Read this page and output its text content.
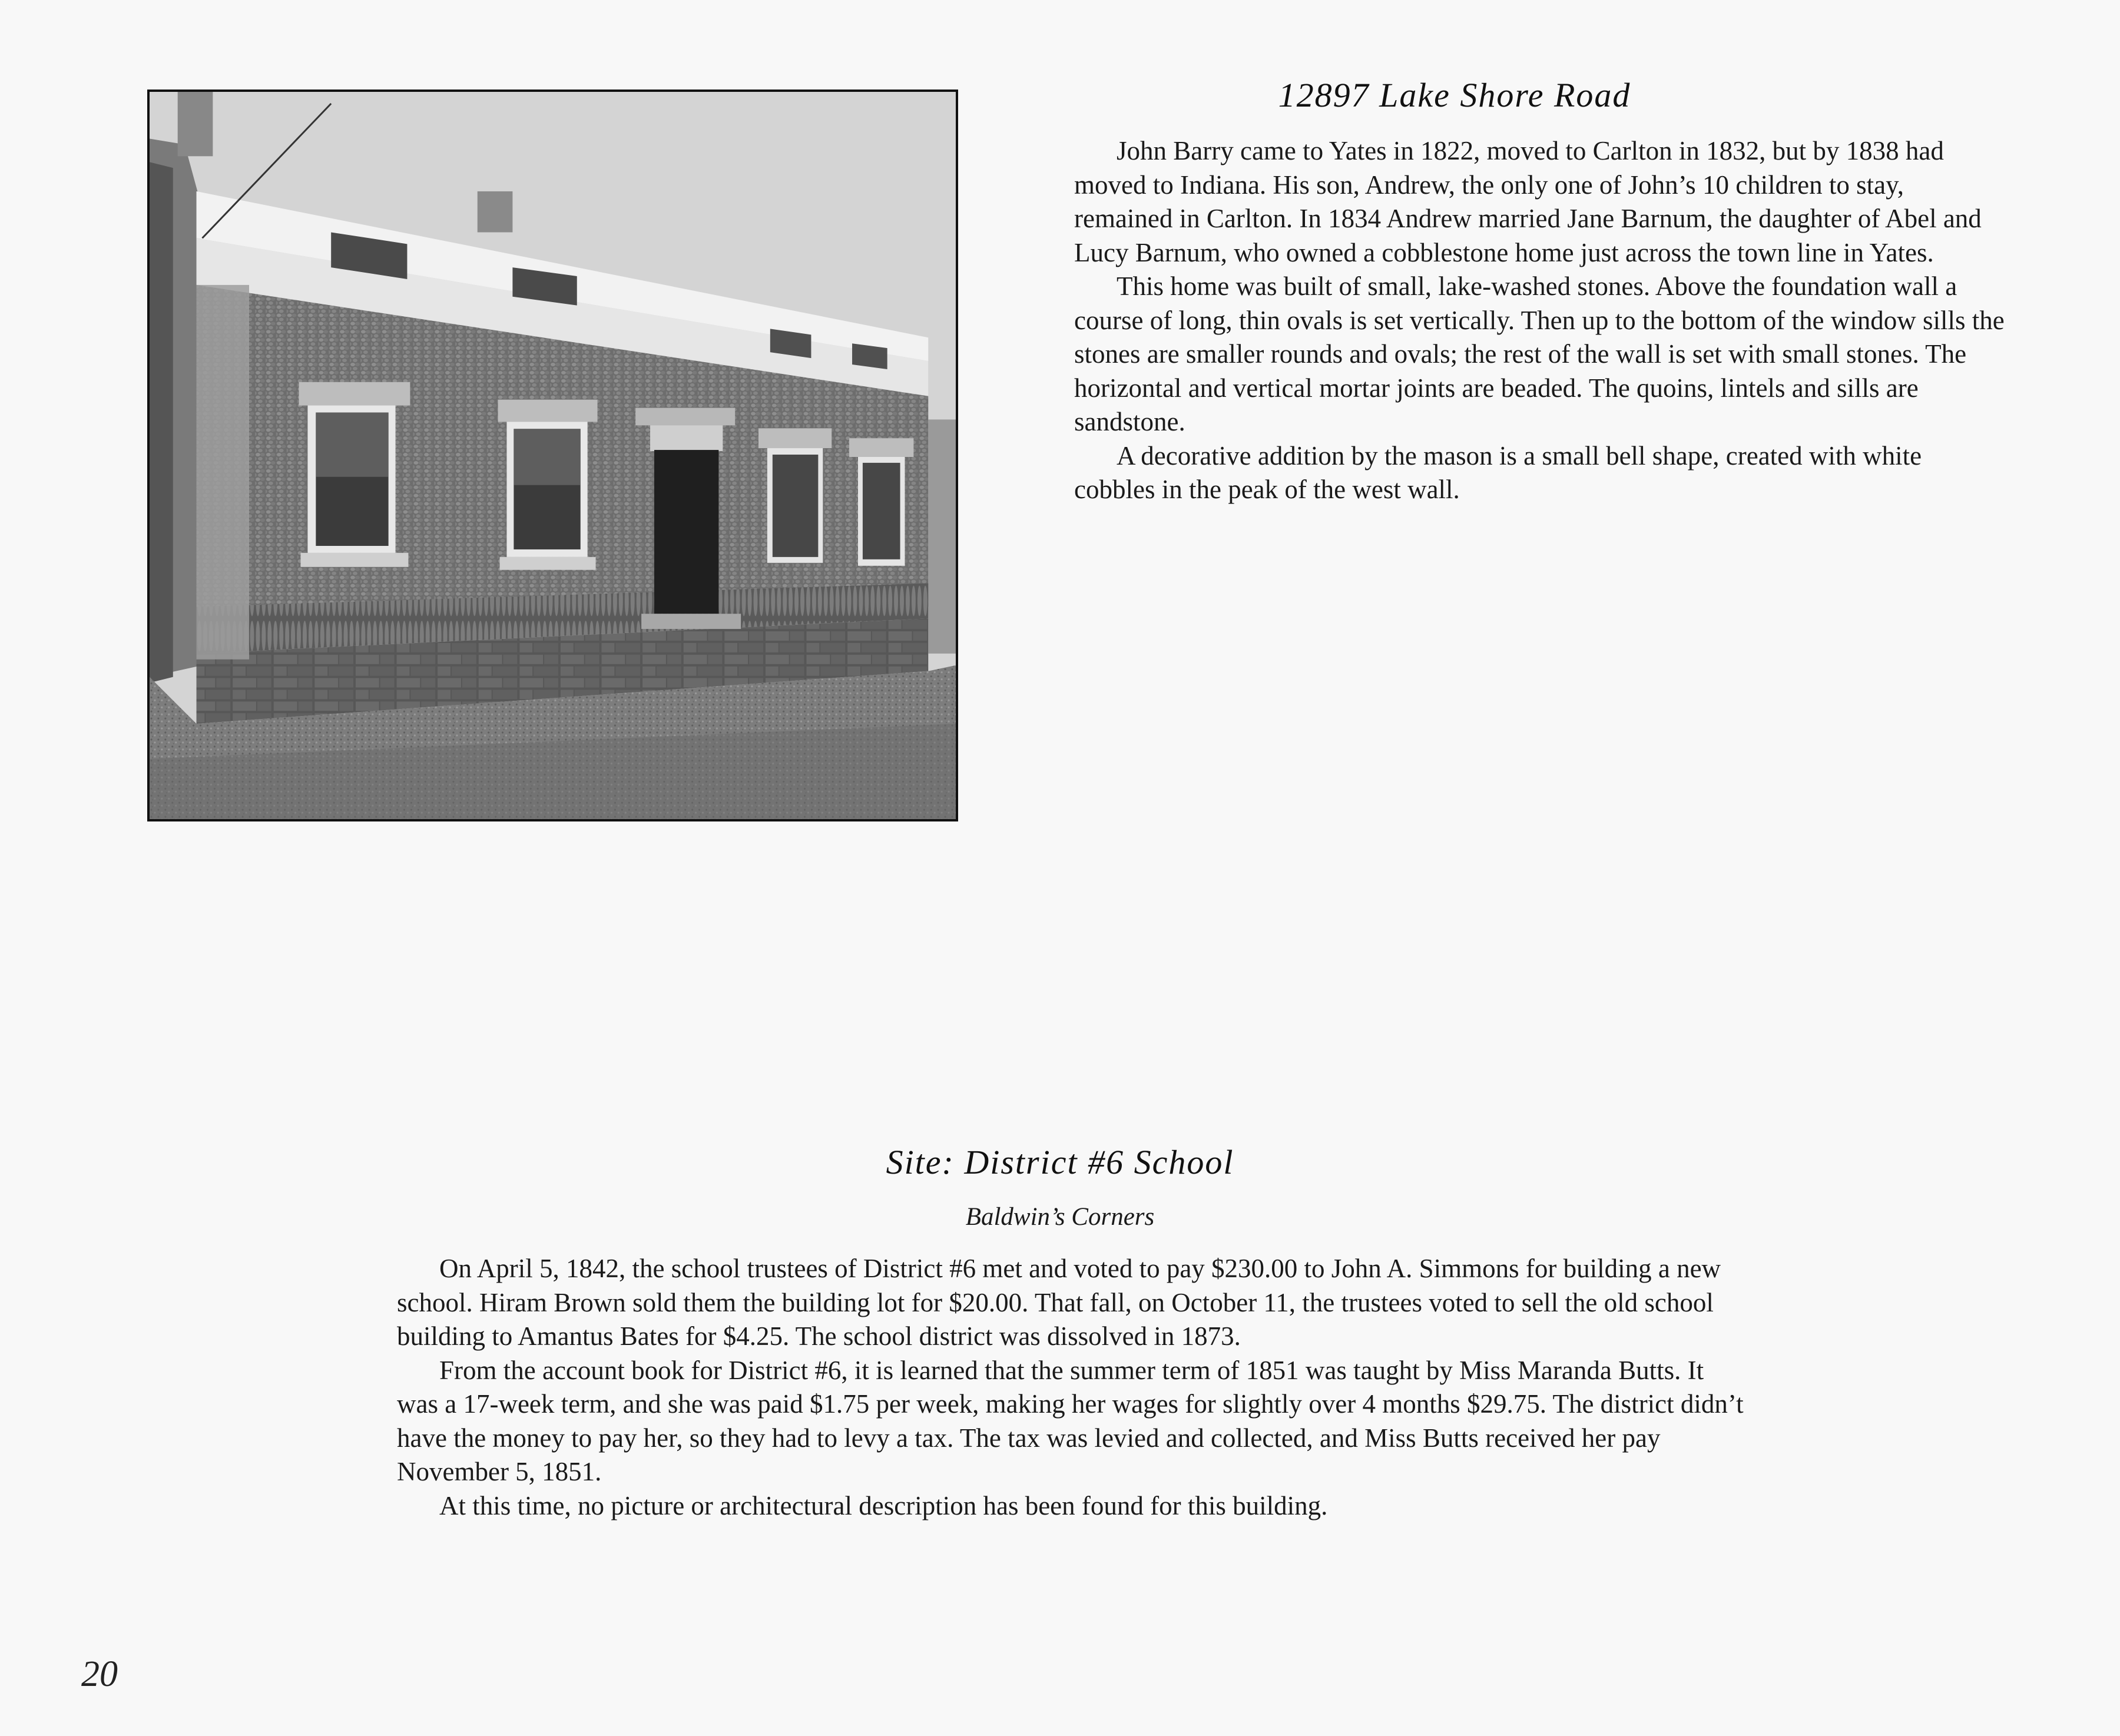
12897 Lake Shore Road

John Barry came to Yates in 1822, moved to Carlton in 1832, but by 1838 had moved to Indiana. His son, Andrew, the only one of John’s 10 children to stay, remained in Carlton. In 1834 Andrew married Jane Barnum, the daughter of Abel and Lucy Barnum, who owned a cobblestone home just across the town line in Yates.

This home was built of small, lake-washed stones. Above the foundation wall a course of long, thin ovals is set vertically. Then up to the bottom of the window sills the stones are smaller rounds and ovals; the rest of the wall is set with small stones. The horizontal and vertical mortar joints are beaded. The quoins, lintels and sills are sandstone.

A decorative addition by the mason is a small bell shape, created with white cobbles in the peak of the west wall.

Site: District #6 School
Baldwin’s Corners

On April 5, 1842, the school trustees of District #6 met and voted to pay $230.00 to John A. Simmons for building a new school. Hiram Brown sold them the building lot for $20.00. That fall, on October 11, the trustees voted to sell the old school building to Amantus Bates for $4.25. The school district was dissolved in 1873.

From the account book for District #6, it is learned that the summer term of 1851 was taught by Miss Maranda Butts. It was a 17-week term, and she was paid $1.75 per week, making her wages for slightly over 4 months $29.75. The district didn’t have the money to pay her, so they had to levy a tax. The tax was levied and collected, and Miss Butts received her pay November 5, 1851.

At this time, no picture or architectural description has been found for this building.

20
